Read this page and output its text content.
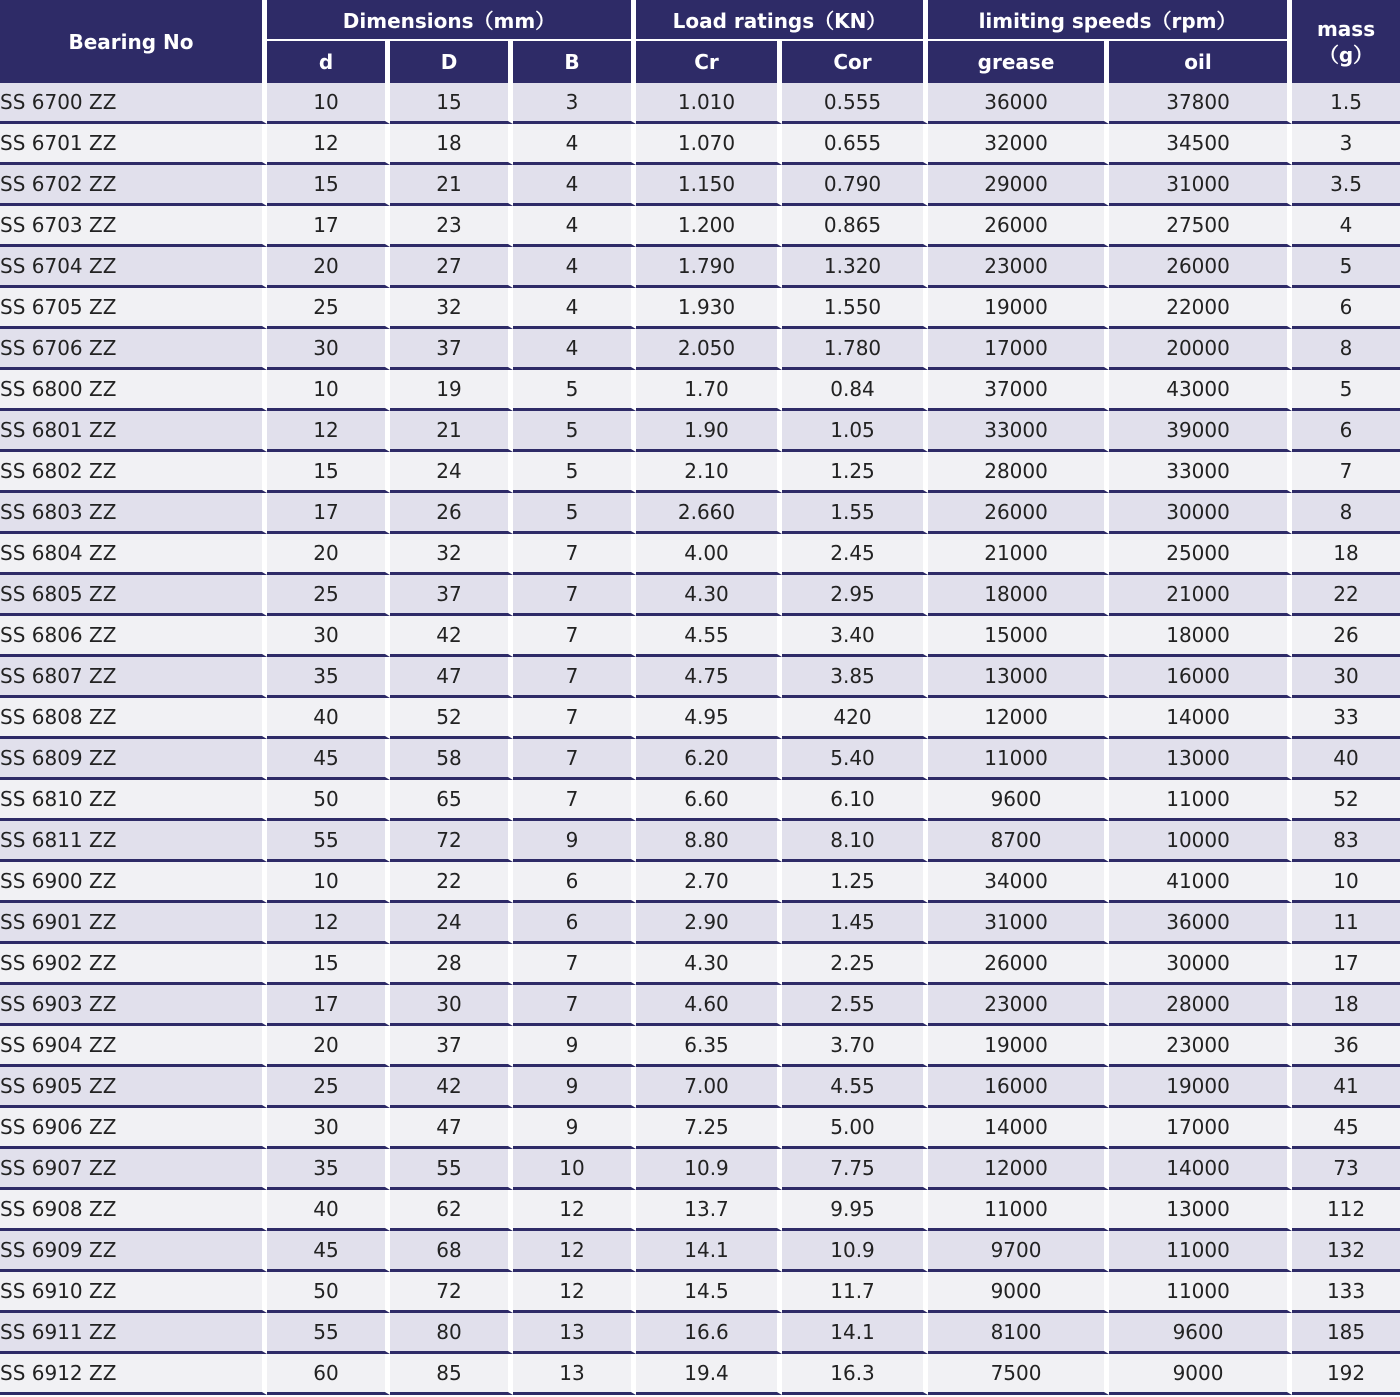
Bearing No	Dimensions（mm）			Load ratings（KN）		limiting speeds（rpm）		mass
（g）

	d	D	B	Cr	Cor	grease	oil	
SS 6700 ZZ	10	15	3	1.010	0.555	36000	37800	1.5
SS 6701 ZZ	12	18	4	1.070	0.655	32000	34500	3
SS 6702 ZZ	15	21	4	1.150	0.790	29000	31000	3.5
SS 6703 ZZ	17	23	4	1.200	0.865	26000	27500	4
SS 6704 ZZ	20	27	4	1.790	1.320	23000	26000	5
SS 6705 ZZ	25	32	4	1.930	1.550	19000	22000	6
SS 6706 ZZ	30	37	4	2.050	1.780	17000	20000	8
SS 6800 ZZ	10	19	5	1.70	0.84	37000	43000	5
SS 6801 ZZ	12	21	5	1.90	1.05	33000	39000	6
SS 6802 ZZ	15	24	5	2.10	1.25	28000	33000	7
SS 6803 ZZ	17	26	5	2.660	1.55	26000	30000	8
SS 6804 ZZ	20	32	7	4.00	2.45	21000	25000	18
SS 6805 ZZ	25	37	7	4.30	2.95	18000	21000	22
SS 6806 ZZ	30	42	7	4.55	3.40	15000	18000	26
SS 6807 ZZ	35	47	7	4.75	3.85	13000	16000	30
SS 6808 ZZ	40	52	7	4.95	420	12000	14000	33
SS 6809 ZZ	45	58	7	6.20	5.40	11000	13000	40
SS 6810 ZZ	50	65	7	6.60	6.10	9600	11000	52
SS 6811 ZZ	55	72	9	8.80	8.10	8700	10000	83
SS 6900 ZZ	10	22	6	2.70	1.25	34000	41000	10
SS 6901 ZZ	12	24	6	2.90	1.45	31000	36000	11
SS 6902 ZZ	15	28	7	4.30	2.25	26000	30000	17
SS 6903 ZZ	17	30	7	4.60	2.55	23000	28000	18
SS 6904 ZZ	20	37	9	6.35	3.70	19000	23000	36
SS 6905 ZZ	25	42	9	7.00	4.55	16000	19000	41
SS 6906 ZZ	30	47	9	7.25	5.00	14000	17000	45
SS 6907 ZZ	35	55	10	10.9	7.75	12000	14000	73
SS 6908 ZZ	40	62	12	13.7	9.95	11000	13000	112
SS 6909 ZZ	45	68	12	14.1	10.9	9700	11000	132
SS 6910 ZZ	50	72	12	14.5	11.7	9000	11000	133
SS 6911 ZZ	55	80	13	16.6	14.1	8100	9600	185
SS 6912 ZZ	60	85	13	19.4	16.3	7500	9000	192
